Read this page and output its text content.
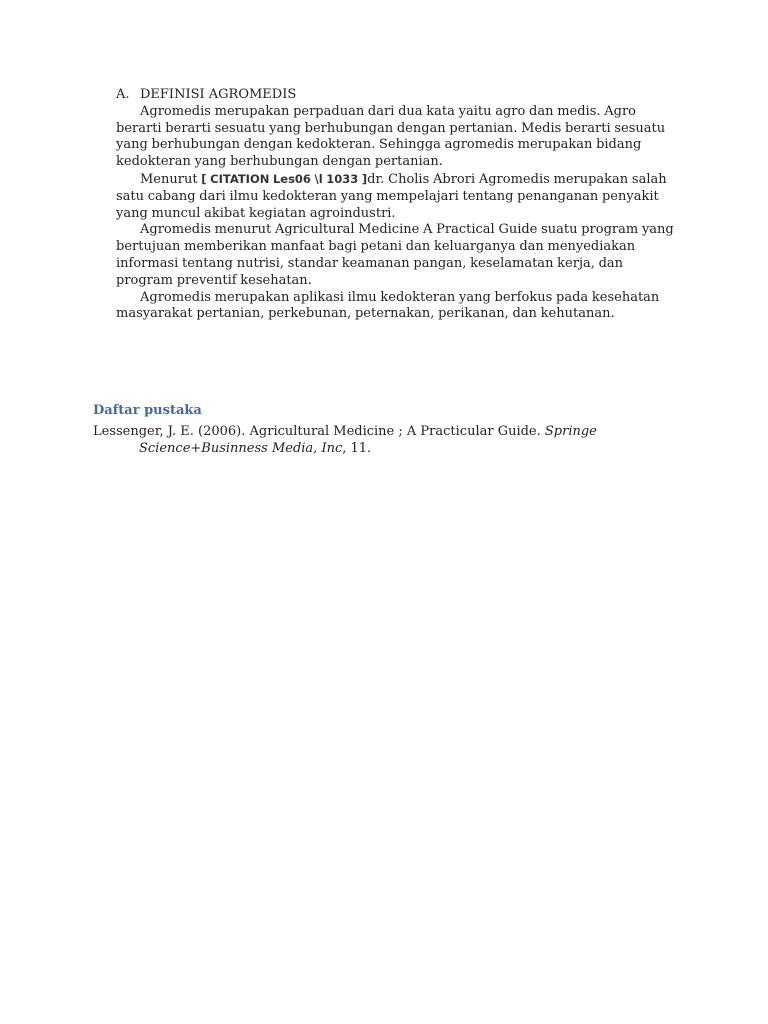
A. DEFINISI AGROMEDIS

Agromedis merupakan perpaduan dari dua kata yaitu agro dan medis. Agro berarti berarti sesuatu yang berhubungan dengan pertanian. Medis berarti sesuatu yang berhubungan dengan kedokteran. Sehingga agromedis merupakan bidang kedokteran yang berhubungan dengan pertanian.

Menurut [ CITATION Les06 \l 1033 ]dr. Cholis Abrori Agromedis merupakan salah satu cabang dari ilmu kedokteran yang mempelajari tentang penanganan penyakit yang muncul akibat kegiatan agroindustri.

Agromedis menurut Agricultural Medicine A Practical Guide suatu program yang bertujuan memberikan manfaat bagi petani dan keluarganya dan menyediakan informasi tentang nutrisi, standar keamanan pangan, keselamatan kerja, dan program preventif kesehatan.

Agromedis merupakan aplikasi ilmu kedokteran yang berfokus pada kesehatan masyarakat pertanian, perkebunan, peternakan, perikanan, dan kehutanan.

Daftar pustaka
Lessenger, J. E. (2006). Agricultural Medicine ; A Practicular Guide. Springe Science+Businness Media, Inc, 11.
